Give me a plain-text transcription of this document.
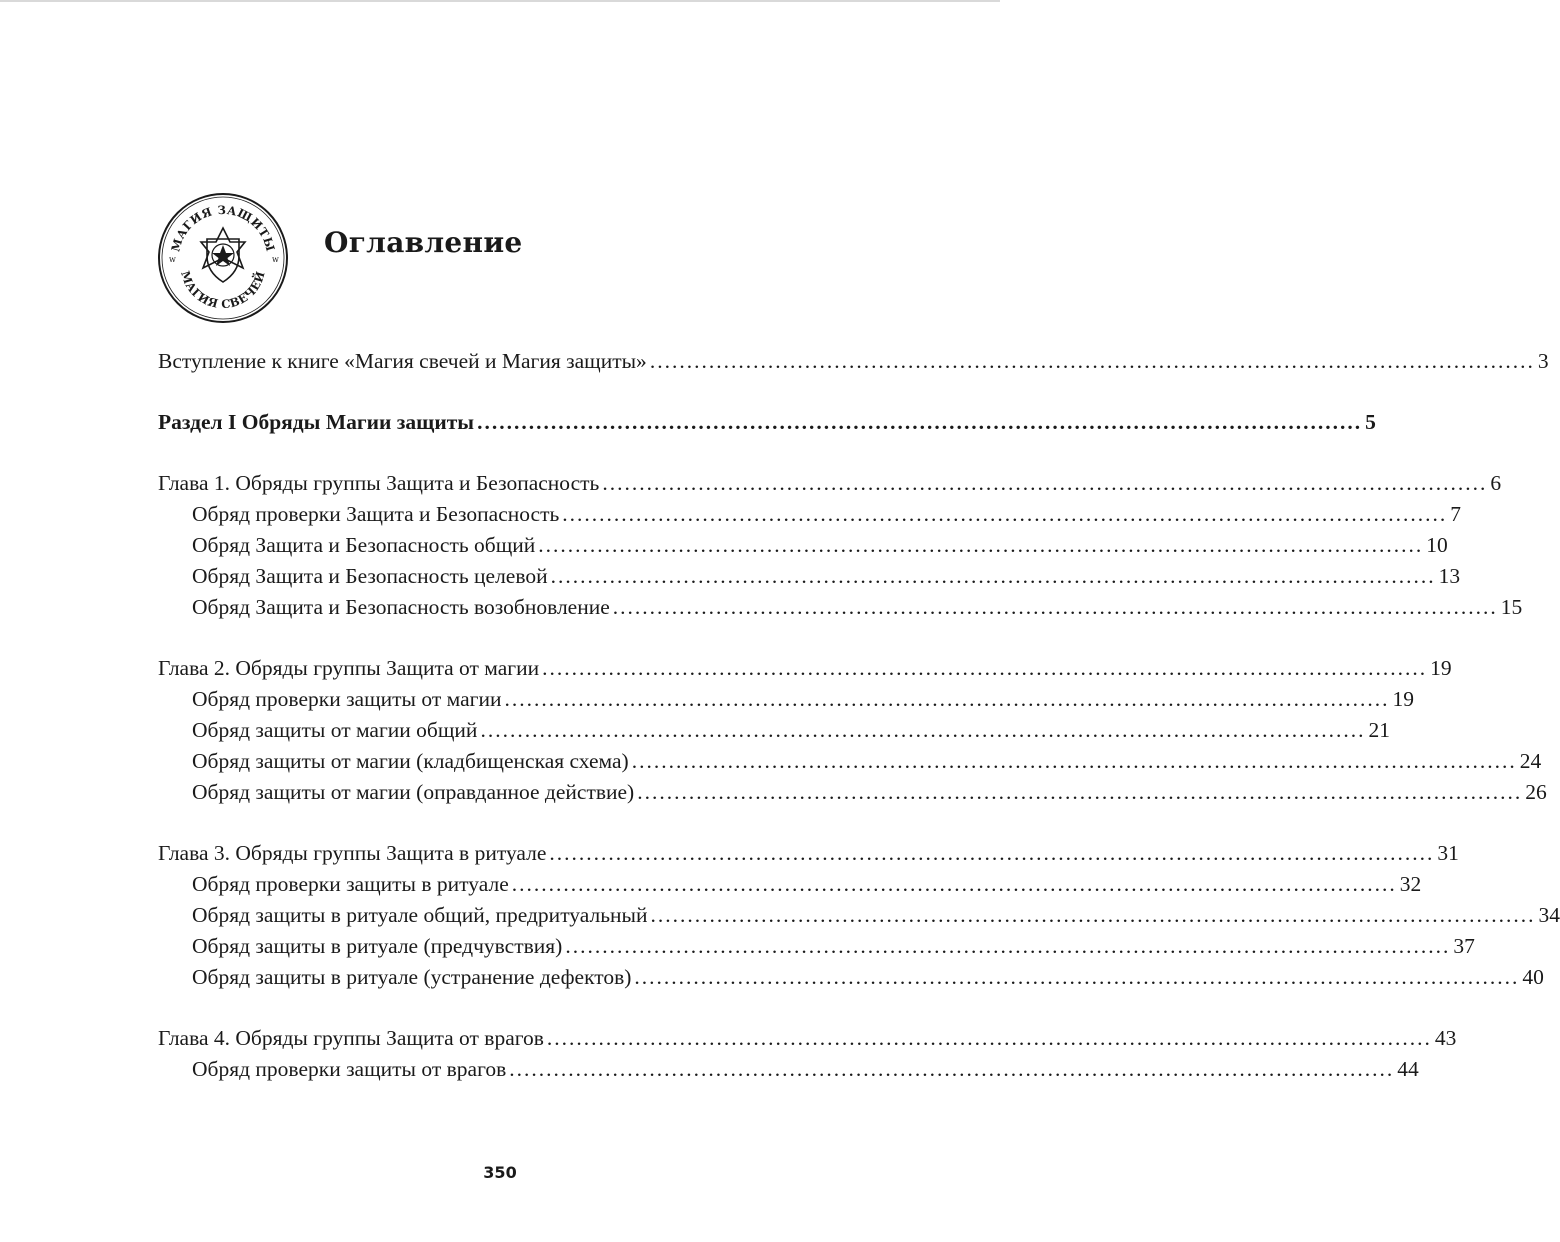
МАГИЯ ЗАЩИТЫ
МАГИЯ СВЕЧЕЙ
w	w
Оглавление
Вступление к книге «Магия свечей и Магия защиты» ........................................................................................................................ 3
Раздел I Обряды Магии защиты ........................................................................................................................ 5
Глава 1. Обряды группы Защита и Безопасность ........................................................................................................................ 6
Обряд проверки Защита и Безопасность ........................................................................................................................ 7
Обряд Защита и Безопасность общий ........................................................................................................................ 10
Обряд Защита и Безопасность целевой ........................................................................................................................ 13
Обряд Защита и Безопасность возобновление ........................................................................................................................ 15
Глава 2. Обряды группы Защита от магии ........................................................................................................................ 19
Обряд проверки защиты от магии ........................................................................................................................ 19
Обряд защиты от магии общий ........................................................................................................................ 21
Обряд защиты от магии (кладбищенская схема) ........................................................................................................................ 24
Обряд защиты от магии (оправданное действие) ........................................................................................................................ 26
Глава 3. Обряды группы Защита в ритуале ........................................................................................................................ 31
Обряд проверки защиты в ритуале ........................................................................................................................ 32
Обряд защиты в ритуале общий, предритуальный ........................................................................................................................ 34
Обряд защиты в ритуале (предчувствия) ........................................................................................................................ 37
Обряд защиты в ритуале (устранение дефектов) ........................................................................................................................ 40
Глава 4. Обряды группы Защита от врагов ........................................................................................................................ 43
Обряд проверки защиты от врагов ........................................................................................................................ 44
350
